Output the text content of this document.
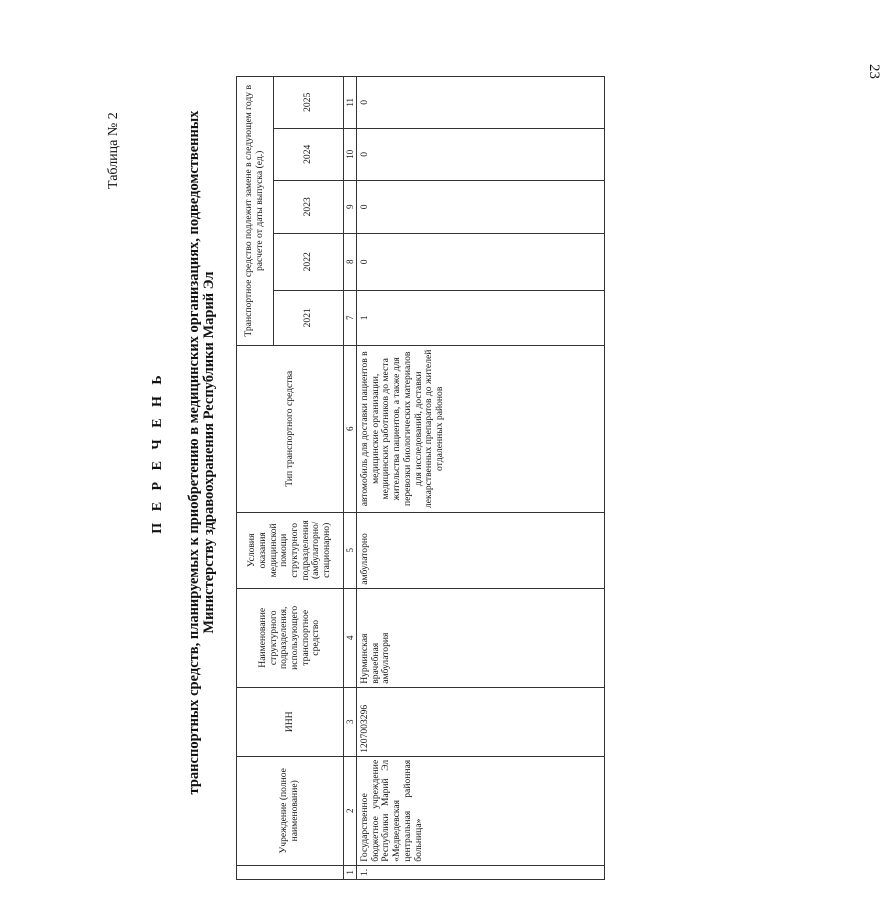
23
Таблица № 2
П Е Р Е Ч Е Н Ь транспортных средств, планируемых к приобретению в медицинских организациях, подведомственных Министерству здравоохранения Республики Марий Эл
	Учреждение (полное наименование)	ИНН	Наименование структурного подразделения, использующего транспортное средство	Условия оказания медицинской помощи структурного подразделения (амбулаторно/ стационарно)	Тип транспортного средства	Транспортное средство подлежит замене в следующем году в расчете от даты выпуска (ед.)				
						2021	2022	2023	2024	2025
1	2	3	4	5	6	7	8	9	10	11
1.	Государственное бюджетное учреждение Республики Марий Эл «Медведевская центральная районная больница»	1207003296	Нурминская врачебная амбулатория	амбулаторно	автомобиль для доставки пациентов в медицинские организации, медицинских работников до места жительства пациентов, а также для перевозки биологических материалов для исследований, доставки лекарственных препаратов до жителей отдаленных районов	1	0	0	0	0
